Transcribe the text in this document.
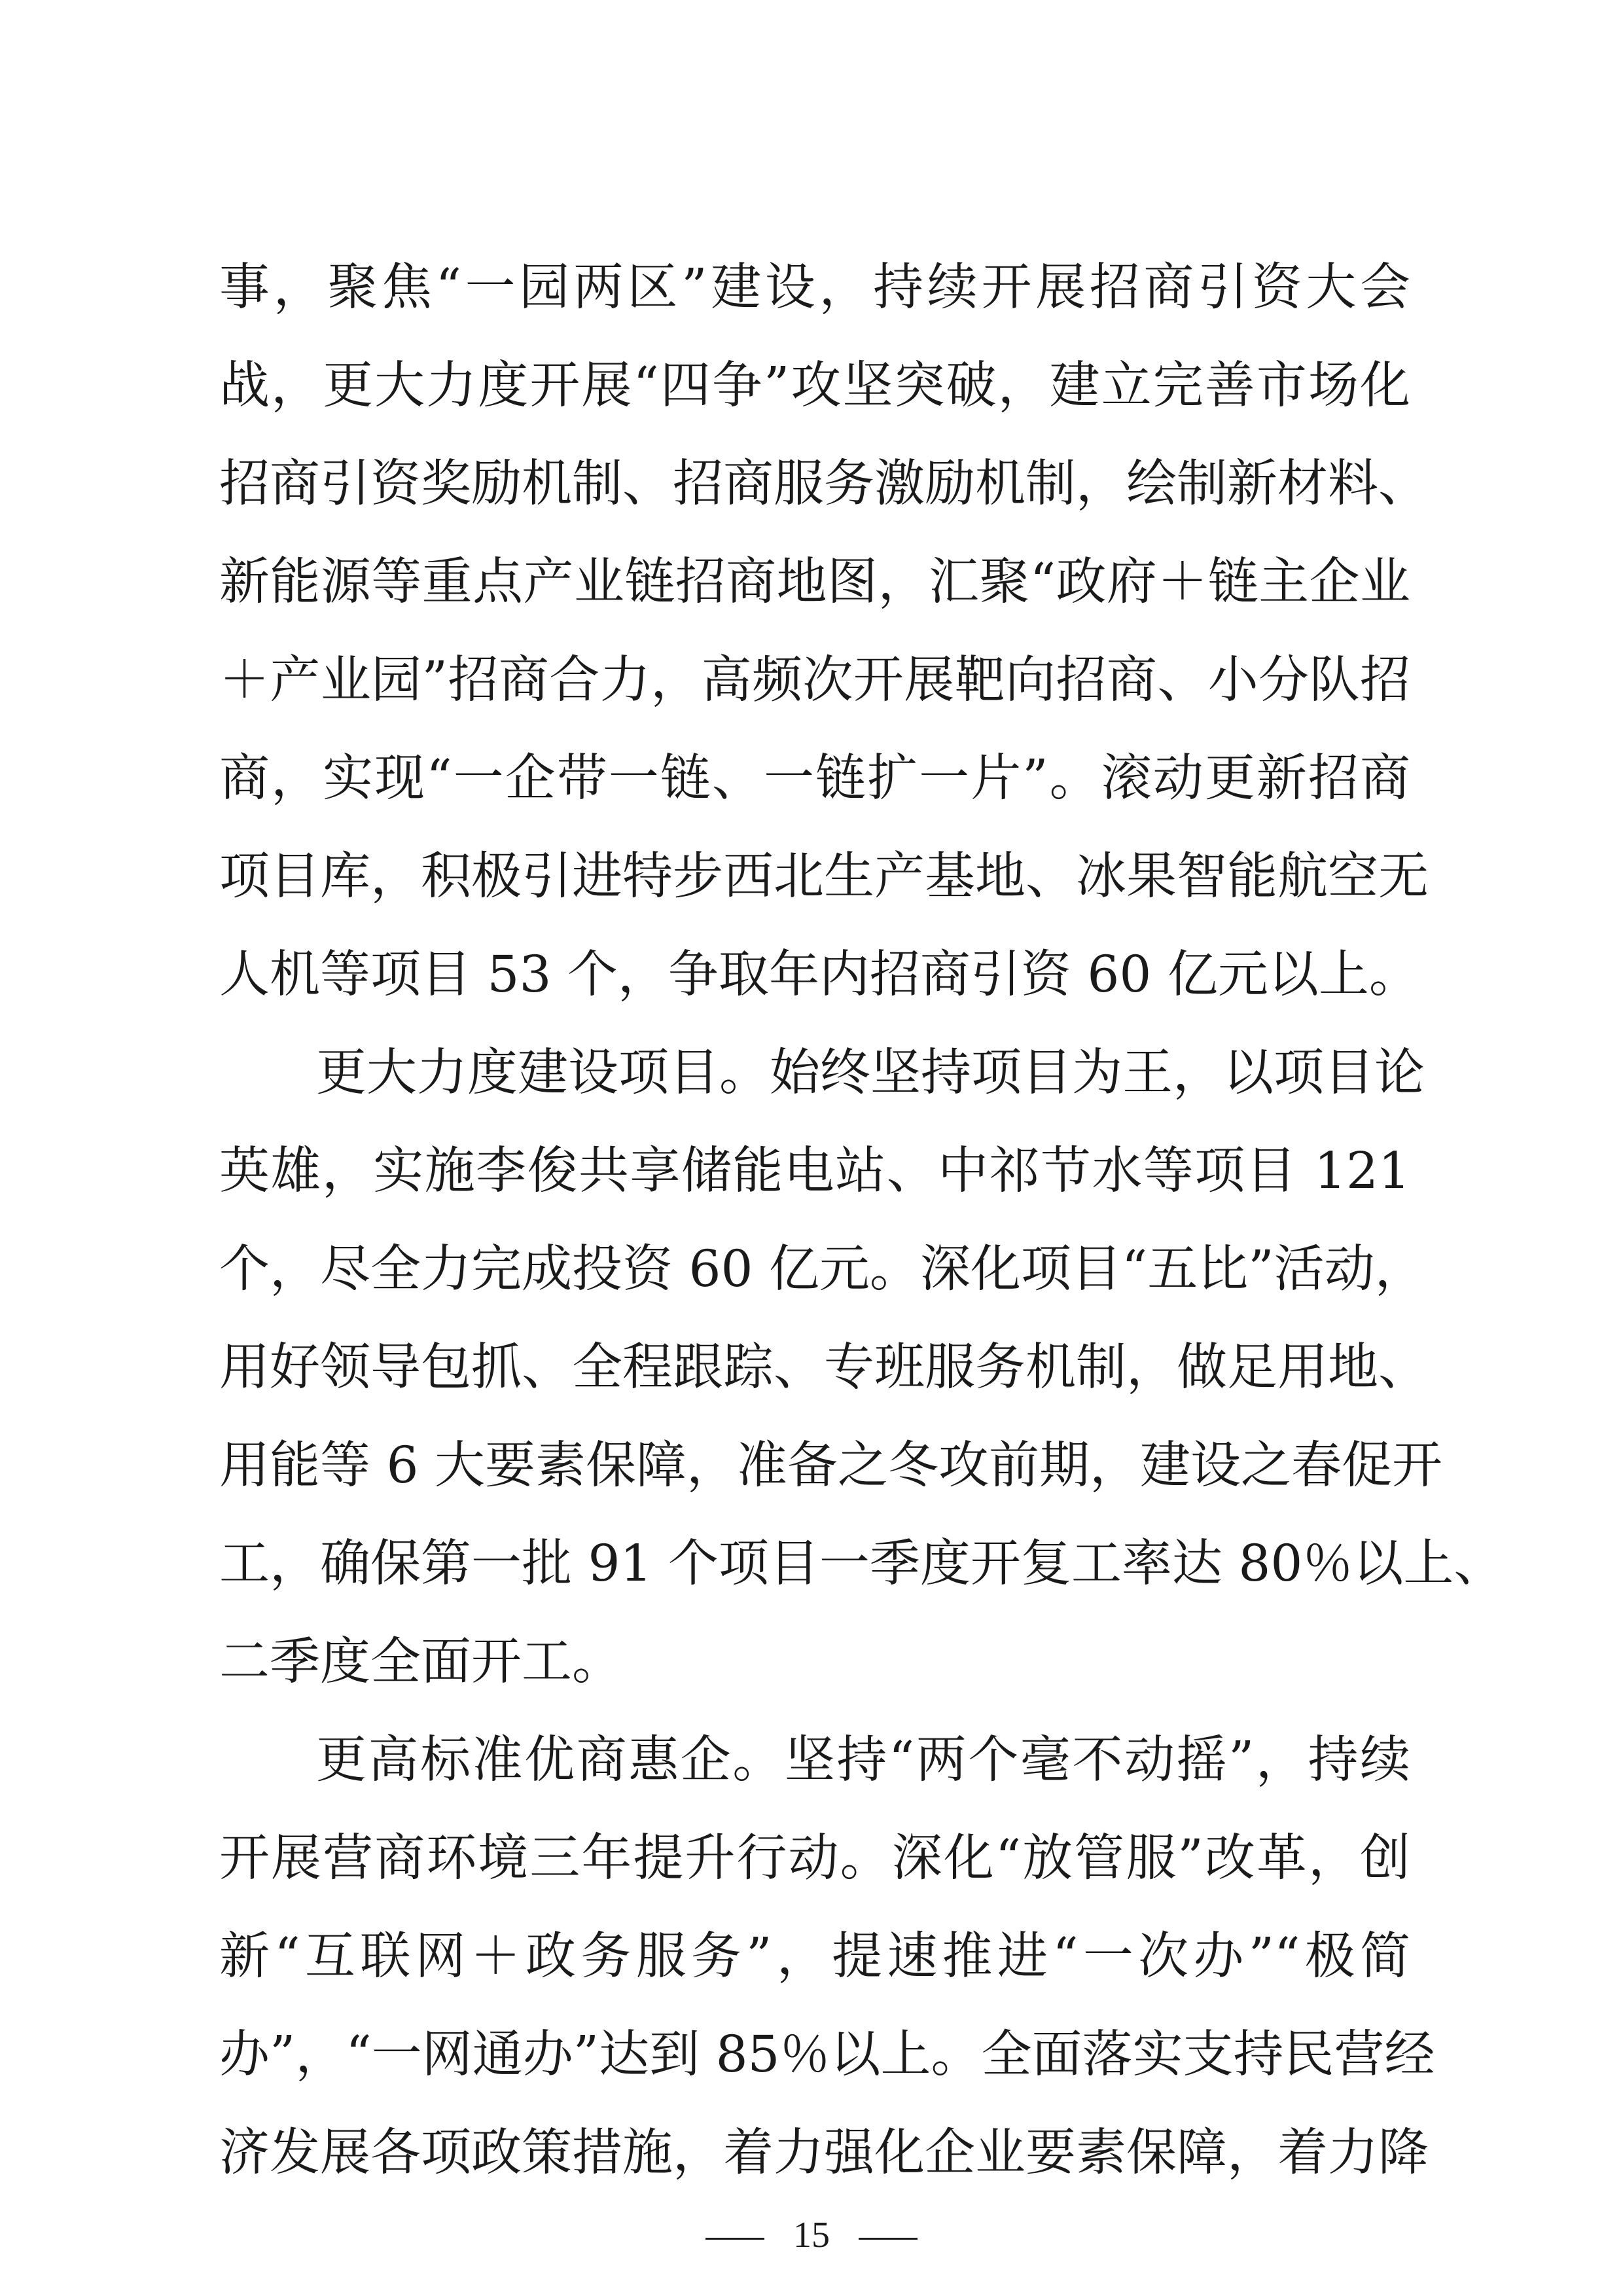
事，聚焦“一园两区”建设，持续开展招商引资大会
战，更大力度开展“四争”攻坚突破，建立完善市场化
招商引资奖励机制、招商服务激励机制，绘制新材料、
新能源等重点产业链招商地图，汇聚“政府＋链主企业
＋产业园”招商合力，高频次开展靶向招商、小分队招
商，实现“一企带一链、一链扩一片”。滚动更新招商
项目库，积极引进特步西北生产基地、冰果智能航空无
人机等项目 53 个，争取年内招商引资 60 亿元以上。
更大力度建设项目。始终坚持项目为王，以项目论
英雄，实施李俊共享储能电站、中祁节水等项目 121
个，尽全力完成投资 60 亿元。深化项目“五比”活动，
用好领导包抓、全程跟踪、专班服务机制，做足用地、
用能等 6 大要素保障，准备之冬攻前期，建设之春促开
工，确保第一批 91 个项目一季度开复工率达 80％以上、
二季度全面开工。
更高标准优商惠企。坚持“两个毫不动摇”，持续
开展营商环境三年提升行动。深化“放管服”改革，创
新“互联网＋政务服务”，提速推进“一次办”“极简
办”，“一网通办”达到 85％以上。全面落实支持民营经
济发展各项政策措施，着力强化企业要素保障，着力降
15
